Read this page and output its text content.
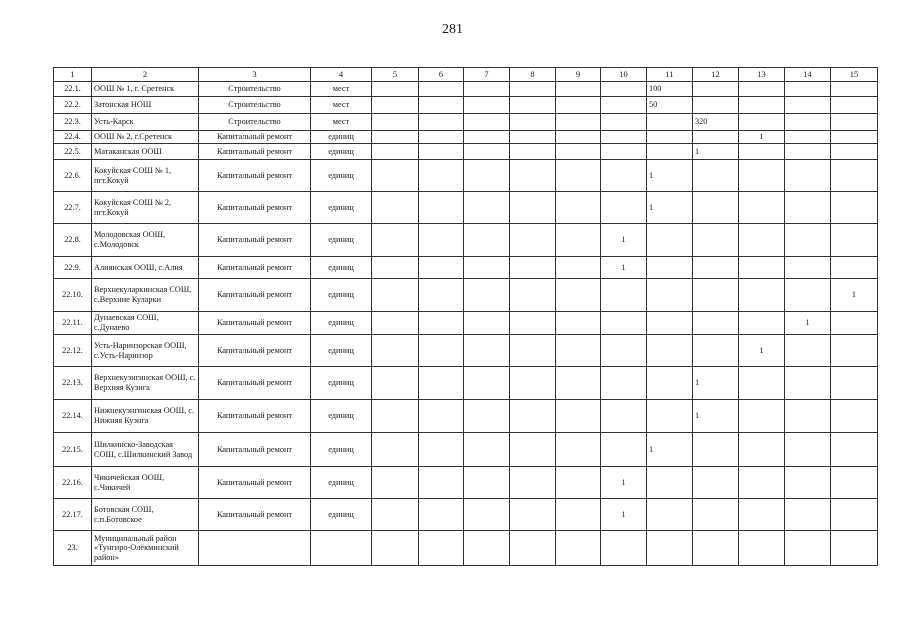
281
1	2	3	4	5	6	7	8	9	10	11	12	13	14	15
22.1.	ООШ № 1, г. Сретенск	Строительство	мест							100				
22.2.	Затонская НОШ	Строительство	мест							50				
22.3.	Усть-Карск	Строительство	мест								320			
22.4.	ООШ № 2, г.Сретенск	Капитальный ремонт	единиц									1		
22.5.	Матаканская ООШ	Капитальный ремонт	единиц								1			
22.6.	Кокуйская СОШ № 1, пгт.Кокуй	Капитальный ремонт	единиц							1				
22.7.	Кокуйская СОШ № 2, пгт.Кокуй	Капитальный ремонт	единиц							1				
22.8.	Молодовская ООШ, с.Молодовск	Капитальный ремонт	единиц						1					
22.9.	Алиянская ООШ, с.Алия	Капитальный ремонт	единиц						1					
22.10.	Верхнекуларкинская СОШ, с.Верхние Куларки	Капитальный ремонт	единиц											1
22.11.	Дунаевская СОШ, с.Дунаево	Капитальный ремонт	единиц										1	
22.12.	Усть-Наринзорская ООШ, с.Усть-Наринзор	Капитальный ремонт	единиц									1		
22.13.	Верхнекуэнгинская ООШ, с. Верхняя Куэнга	Капитальный ремонт	единиц								1			
22.14.	Нижнекуэнгинская ООШ, с. Нижняя Куэнга	Капитальный ремонт	единиц								1			
22.15.	Шилкинско-Заводская СОШ, с.Шилкинский Завод	Капитальный ремонт	единиц							1				
22.16.	Чикичейская ООШ, с.Чикичей	Капитальный ремонт	единиц						1					
22.17.	Ботовская СОШ, с.п.Ботовское	Капитальный ремонт	единиц						1					
23.	Муниципальный район «Тунгиро-Олёкминский район»													
